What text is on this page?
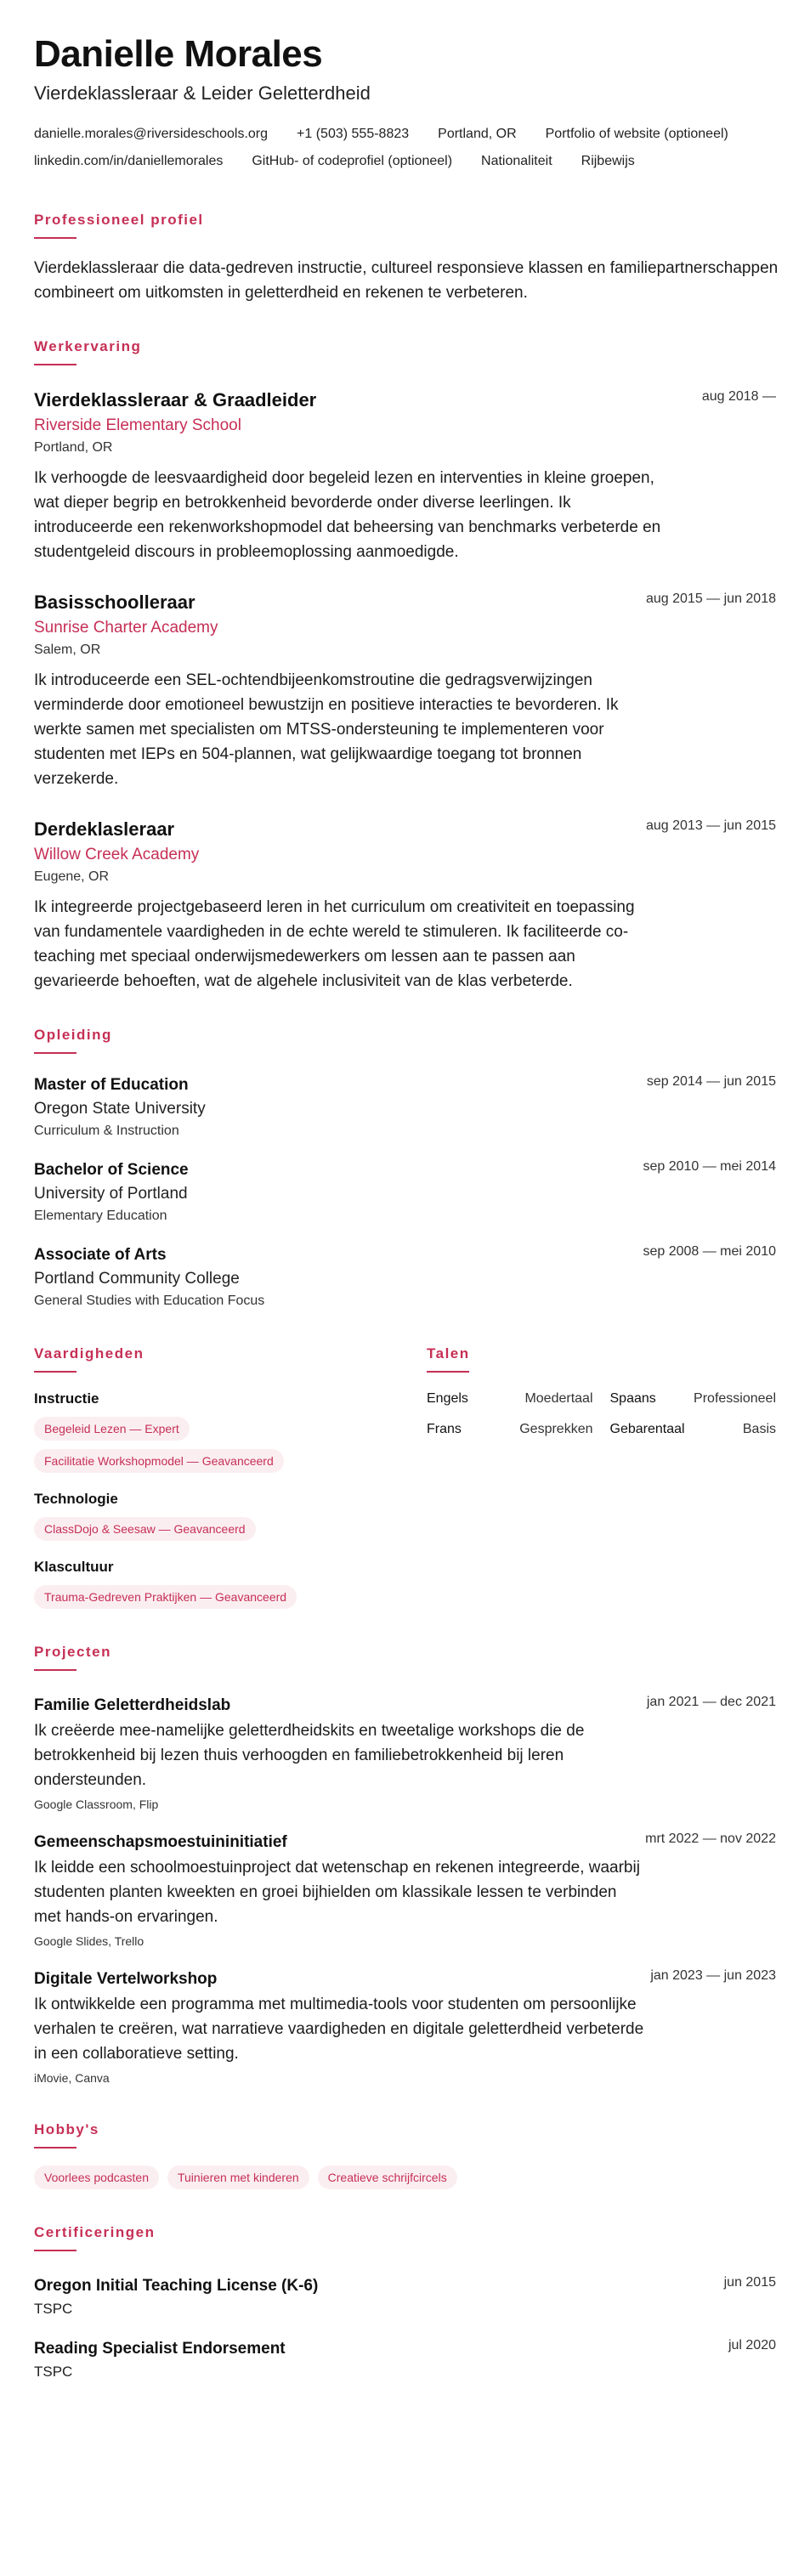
Danielle Morales
Vierdeklassleraar & Leider Geletterdheid
danielle.morales@riversideschools.org +1 (503) 555-8823 Portland, OR Portfolio of website (optioneel)
linkedin.com/in/daniellemorales GitHub- of codeprofiel (optioneel) Nationaliteit Rijbewijs
Professioneel profiel
Vierdeklassleraar die data-gedreven instructie, cultureel responsieve klassen en familiepartnerschappen combineert om uitkomsten in geletterdheid en rekenen te verbeteren.
Werkervaring
aug 2018 —
Vierdeklassleraar & Graadleider
Riverside Elementary School
Portland, OR
Ik verhoogde de leesvaardigheid door begeleid lezen en interventies in kleine groepen, wat dieper begrip en betrokkenheid bevorderde onder diverse leerlingen. Ik introduceerde een rekenworkshopmodel dat beheersing van benchmarks verbeterde en studentgeleid discours in probleemoplossing aanmoedigde.
aug 2015 — jun 2018
Basisschoolleraar
Sunrise Charter Academy
Salem, OR
Ik introduceerde een SEL-ochtendbijeenkomstroutine die gedragsverwijzingen verminderde door emotioneel bewustzijn en positieve interacties te bevorderen. Ik werkte samen met specialisten om MTSS-ondersteuning te implementeren voor studenten met IEPs en 504-plannen, wat gelijkwaardige toegang tot bronnen verzekerde.
aug 2013 — jun 2015
Derdeklasleraar
Willow Creek Academy
Eugene, OR
Ik integreerde projectgebaseerd leren in het curriculum om creativiteit en toepassing van fundamentele vaardigheden in de echte wereld te stimuleren. Ik faciliteerde co-teaching met speciaal onderwijsmedewerkers om lessen aan te passen aan gevarieerde behoeften, wat de algehele inclusiviteit van de klas verbeterde.
Opleiding
sep 2014 — jun 2015
Master of Education
Oregon State University
Curriculum & Instruction
sep 2010 — mei 2014
Bachelor of Science
University of Portland
Elementary Education
sep 2008 — mei 2010
Associate of Arts
Portland Community College
General Studies with Education Focus
Vaardigheden
Instructie
Begeleid Lezen — Expert
Facilitatie Workshopmodel — Geavanceerd
Technologie
ClassDojo & Seesaw — Geavanceerd
Klascultuur
Trauma-Gedreven Praktijken — Geavanceerd
Talen
Engels	Moedertaal Spaans	Professioneel
Frans	Gesprekken Gebarentaal	Basis
Projecten
jan 2021 — dec 2021
Familie Geletterdheidslab
Ik creëerde mee-namelijke geletterdheidskits en tweetalige workshops die de betrokkenheid bij lezen thuis verhoogden en familiebetrokkenheid bij leren ondersteunden.
Google Classroom, Flip
mrt 2022 — nov 2022
Gemeenschapsmoestuininitiatief
Ik leidde een schoolmoestuinproject dat wetenschap en rekenen integreerde, waarbij studenten planten kweekten en groei bijhielden om klassikale lessen te verbinden met hands-on ervaringen.
Google Slides, Trello
jan 2023 — jun 2023
Digitale Vertelworkshop
Ik ontwikkelde een programma met multimedia-tools voor studenten om persoonlijke verhalen te creëren, wat narratieve vaardigheden en digitale geletterdheid verbeterde in een collaboratieve setting.
iMovie, Canva
Hobby's
Voorlees podcasten	Tuinieren met kinderen	Creatieve schrijfcircels
Certificeringen
jun 2015
Oregon Initial Teaching License (K-6)
TSPC
jul 2020
Reading Specialist Endorsement
TSPC
